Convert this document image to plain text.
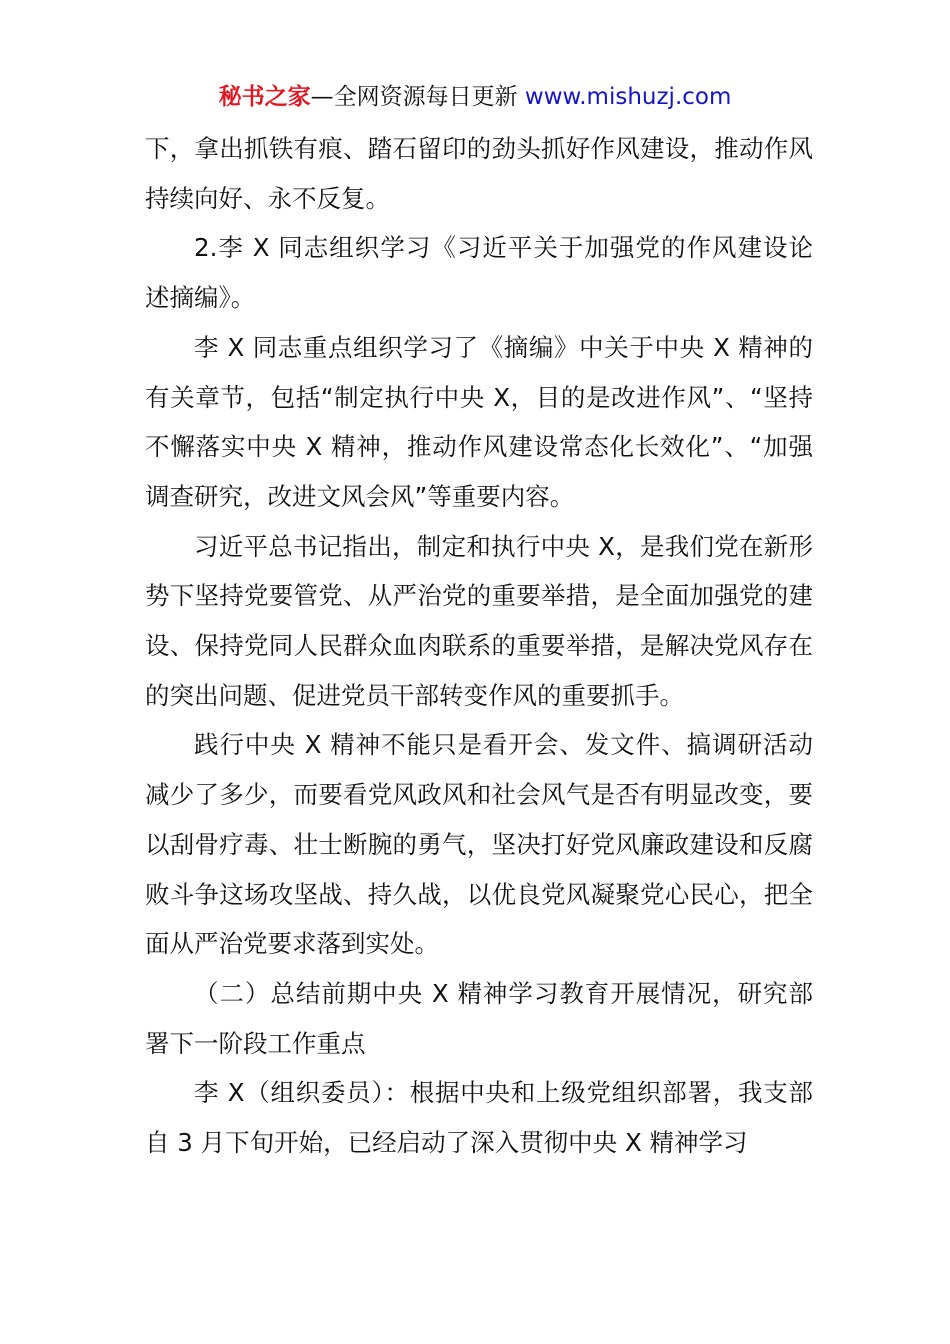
秘书之家—全网资源每日更新 www.mishuzj.com

下，拿出抓铁有痕、踏石留印的劲头抓好作风建设，推动作风持续向好、永不反复。

2.李 X 同志组织学习《习近平关于加强党的作风建设论述摘编》。

李 X 同志重点组织学习了《摘编》中关于中央 X 精神的有关章节，包括“制定执行中央 X，目的是改进作风”、“坚持不懈落实中央 X 精神，推动作风建设常态化长效化”、“加强调查研究，改进文风会风”等重要内容。

习近平总书记指出，制定和执行中央 X，是我们党在新形势下坚持党要管党、从严治党的重要举措，是全面加强党的建设、保持党同人民群众血肉联系的重要举措，是解决党风存在的突出问题、促进党员干部转变作风的重要抓手。

践行中央 X 精神不能只是看开会、发文件、搞调研活动减少了多少，而要看党风政风和社会风气是否有明显改变，要以刮骨疗毒、壮士断腕的勇气，坚决打好党风廉政建设和反腐败斗争这场攻坚战、持久战，以优良党风凝聚党心民心，把全面从严治党要求落到实处。

（二）总结前期中央 X 精神学习教育开展情况，研究部署下一阶段工作重点

李 X（组织委员）：根据中央和上级党组织部署，我支部自 3 月下旬开始，已经启动了深入贯彻中央 X 精神学习
